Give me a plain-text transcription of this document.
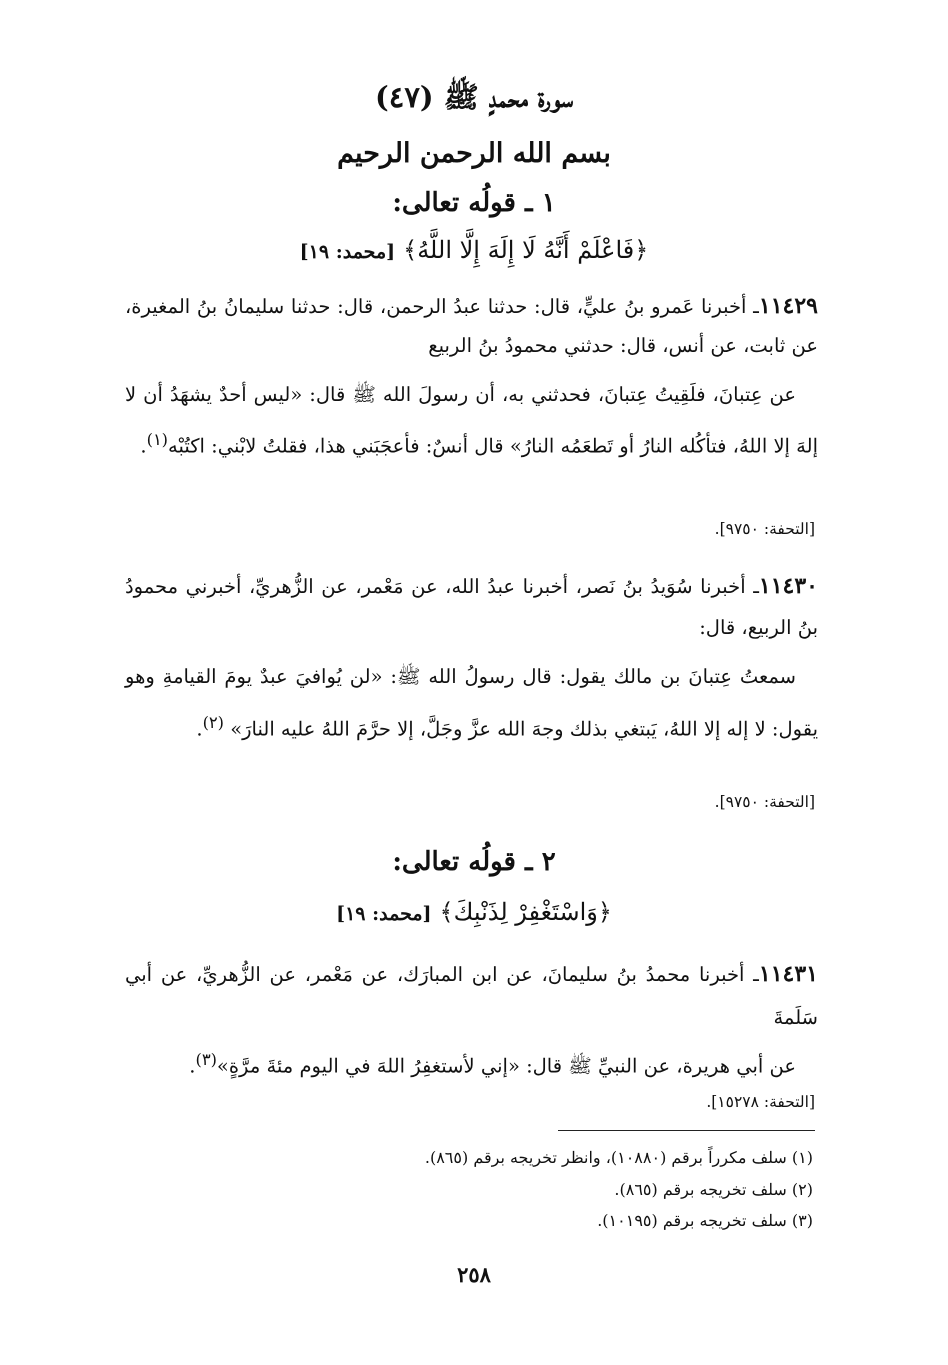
سورة محمدٍ ﷺ (٤٧)
بسم الله الرحمن الرحيم
١ ـ قولُه تعالى:
﴿فَاعْلَمْ أَنَّهُ لَا إِلَهَ إِلَّا اللَّهُ﴾[محمد: ١٩]

١١٤٢٩ـ أخبرنا عَمرو بنُ عليٍّ، قال: حدثنا عبدُ الرحمن، قال: حدثنا سليمانُ بنُ المغيرة، عن ثابت، عن أنس، قال: حدثني محمودُ بنُ الربيع

عن عِتبانَ، فلَقِيتُ عِتبانَ، فحدثني به، أن رسولَ الله ﷺ قال: «ليس أحدٌ يشهَدُ أن لا إلهَ إلا اللهُ، فتأكُله النارُ أو تَطعَمُه النارُ» قال أنسٌ: فأعجَبَني هذا، فقلتُ لابْني: اكتُبْه$^{(١)}$.

[التحفة: ٩٧٥٠].

١١٤٣٠ـ أخبرنا سُوَيدُ بنُ نَصر، أخبرنا عبدُ الله، عن مَعْمر، عن الزُّهريِّ، أخبرني محمودُ بنُ الربيع، قال:

سمعتُ عِتبانَ بن مالك يقول: قال رسولُ الله ﷺ: «لن يُوافيَ عبدٌ يومَ القيامةِ وهو يقول: لا إله إلا اللهُ، يَبتغي بذلك وجهَ الله عزَّ وجَلَّ، إلا حرَّمَ اللهُ عليه النارَ» $^{(٢)}$.

[التحفة: ٩٧٥٠].
٢ ـ قولُه تعالى:
﴿وَاسْتَغْفِرْ لِذَنْبِكَ﴾[محمد: ١٩]

١١٤٣١ـ أخبرنا محمدُ بنُ سليمانَ، عن ابن المبارَك، عن مَعْمر، عن الزُّهريِّ، عن أبي سَلَمةَ

عن أبي هريرة، عن النبيِّ ﷺ قال: «إني لأستغفِرُ اللهَ في اليوم مئةَ مرَّةٍ»$^{(٣)}$.

[التحفة: ١٥٢٧٨].
(١) سلف مكرراً برقم (١٠٨٨٠)، وانظر تخريجه برقم (٨٦٥).
(٢) سلف تخريجه برقم (٨٦٥).
(٣) سلف تخريجه برقم (١٠١٩٥).
٢٥٨
